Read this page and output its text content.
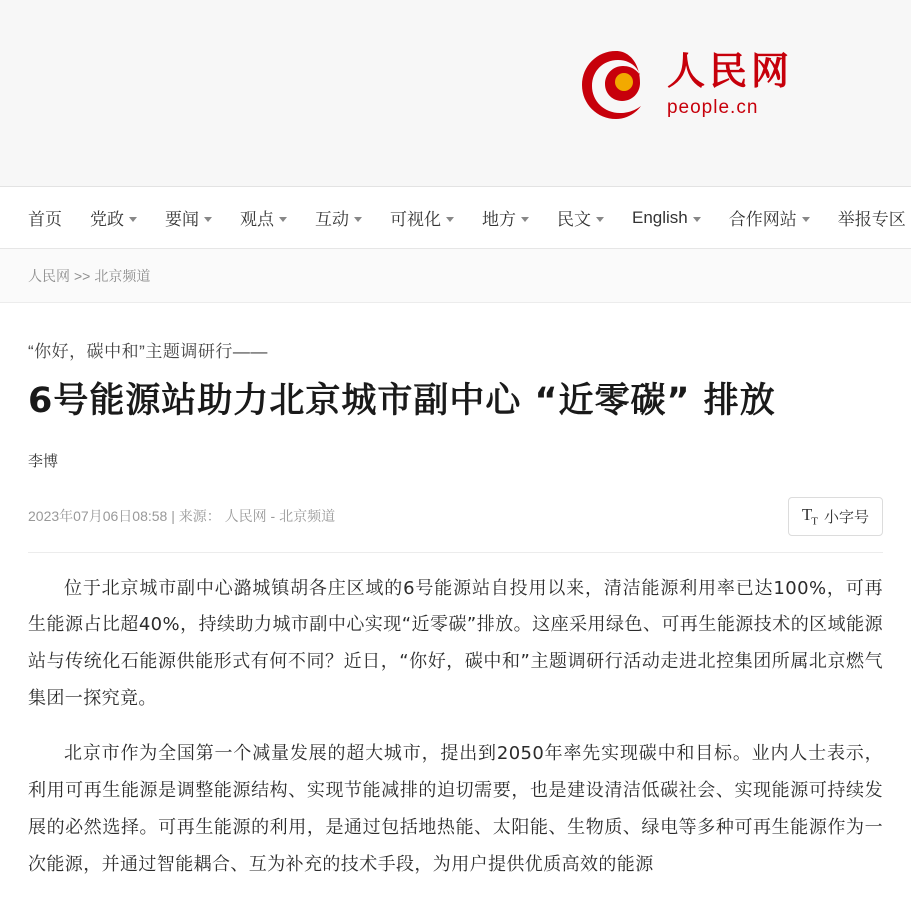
人民网
people.cn
首页 党政 要闻 观点 互动 可视化 地方 民文 English 合作网站 举报专区
人民网 >> 北京频道
“你好，碳中和”主题调研行——
6号能源站助力北京城市副中心 “近零碳” 排放
李博
2023年07月06日08:58 | 来源： 人民网 - 北京频道	$T_T$ 小字号

位于北京城市副中心潞城镇胡各庄区域的6号能源站自投用以来，清洁能源利用率已达100%，可再生能源占比超40%，持续助力城市副中心实现“近零碳”排放。这座采用绿色、可再生能源技术的区域能源站与传统化石能源供能形式有何不同？近日，“你好，碳中和”主题调研行活动走进北控集团所属北京燃气集团一探究竟。

北京市作为全国第一个减量发展的超大城市，提出到2050年率先实现碳中和目标。业内人士表示，利用可再生能源是调整能源结构、实现节能减排的迫切需要，也是建设清洁低碳社会、实现能源可持续发展的必然选择。可再生能源的利用，是通过包括地热能、太阳能、生物质、绿电等多种可再生能源作为一次能源，并通过智能耦合、互为补充的技术手段，为用户提供优质高效的能源
